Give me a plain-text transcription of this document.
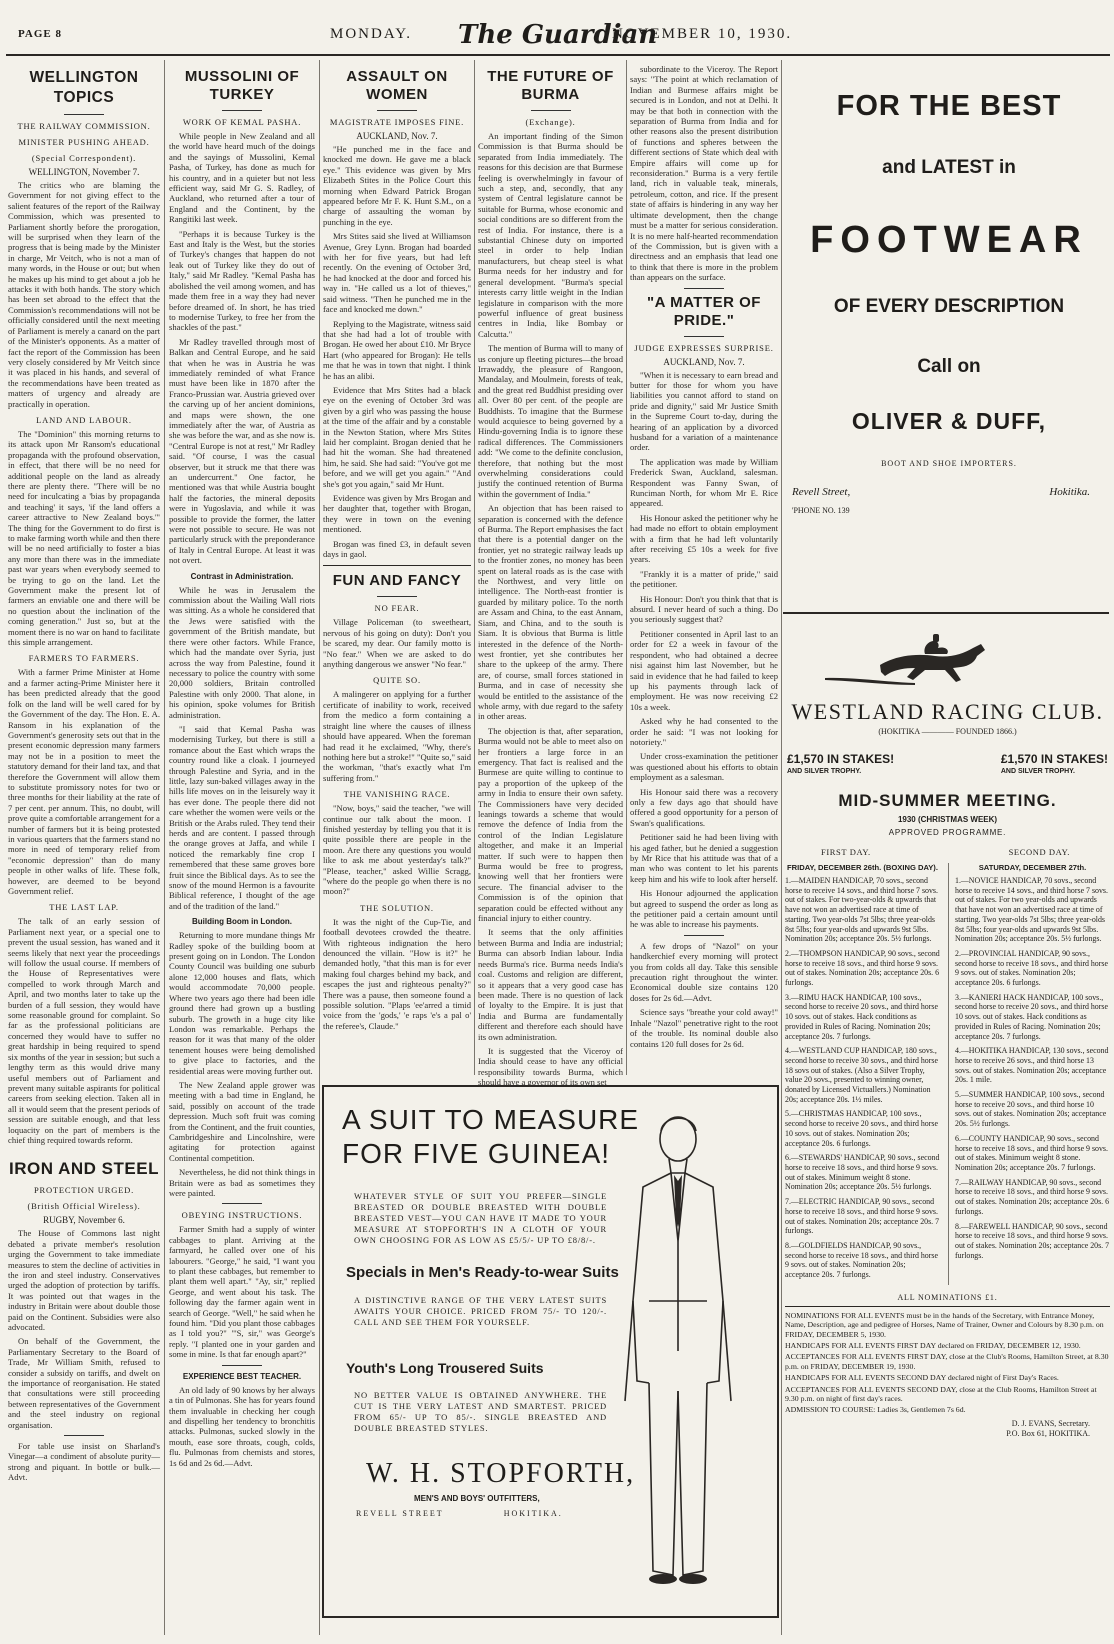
PAGE 8	MONDAY. The Guardian
NOVEMBER 10, 1930.
WELLINGTON TOPICS
THE RAILWAY COMMISSION.
MINISTER PUSHING AHEAD.
(Special Correspondent).
WELLINGTON, November 7.

The critics who are blaming the Government for not giving effect to the salient features of the report of the Railway Commission, which was presented to Parliament shortly before the prorogation, will be surprised when they learn of the progress that is being made by the Minister in charge, Mr Veitch, who is not a man of many words, in the House or out; but when he makes up his mind to get about a job he attacks it with both hands. The story which has been set abroad to the effect that the Commission's recommendations will not be officially considered until the next meeting of Parliament is merely a canard on the part of the Minister's opponents. As a matter of fact the report of the Commission has been very closely considered by Mr Veitch since it was placed in his hands, and several of the recommendations have been treated as matters of urgency and already are practically in operation.

LAND AND LABOUR.

The "Dominion" this morning returns to its attack upon Mr Ransom's educational propaganda with the profound observation, in effect, that there will be no need for additional people on the land as already there are plenty there. "There will be no need for inculcating a 'bias by propaganda and teaching' it says, 'if the land offers a career attractive to New Zealand boys.'" The thing for the Government to do first is to make farming worth while and then there will be no need artificially to foster a bias any more than there was in the immediate past war years when everybody seemed to be trying to go on the land. Let the Government make the present lot of farmers an enviable one and there will be no question about the inclination of the coming generation." Just so, but at the moment there is no war on hand to facilitate this simple arrangement.

FARMERS TO FARMERS.

With a farmer Prime Minister at Home and a farmer acting-Prime Minister here it has been predicted already that the good folk on the land will be well cared for by the Government of the day. The Hon. E. A. Ransom in his explanation of the Government's generosity sets out that in the present economic depression many farmers may not be in a position to meet the statutory demand for their land tax, and that therefore the Government will allow them to substitute promissory notes for two or three months for their liability at the rate of 7 per cent. per annum. This, no doubt, will prove quite a comfortable arrangement for a number of farmers but it is being protested in various quarters that the farmers stand no more in need of temporary relief from "economic depression" than do many people in other walks of life. These folk, however, are deemed to be beyond Government relief.

THE LAST LAP.

The talk of an early session of Parliament next year, or a special one to prevent the usual session, has waned and it seems likely that next year the proceedings will follow the usual course. If members of the House of Representatives were compelled to work through March and April, and two months later to take up the burden of a full session, they would have some reasonable ground for complaint. So far as the professional politicians are concerned they would have to suffer no great hardship in being required to spend six months of the year in session; but such a lengthy term as this would drive many useful members out of Parliament and prevent many suitable aspirants for political careers from seeking election. Taken all in all it would seem that the present periods of session are suitable enough, and that less loquacity on the part of members is the chief thing required towards reform.

IRON AND STEEL
PROTECTION URGED.
(British Official Wireless).
RUGBY, November 6.

The House of Commons last night debated a private member's resolution urging the Government to take immediate measures to stem the decline of activities in the iron and steel industry. Conservatives urged the adoption of protection by tariffs. It was pointed out that wages in the industry in Britain were about double those paid on the Continent. Subsidies were also advocated.

On behalf of the Government, the Parliamentary Secretary to the Board of Trade, Mr William Smith, refused to consider a subsidy on tariffs, and dwelt on the importance of reorganisation. He stated that consultations were still proceeding between representatives of the Government and the steel industry on regional organisation.

For table use insist on Sharland's Vinegar—a condiment of absolute purity—strong and piquant. In bottle or bulk.—Advt.

MUSSOLINI OF TURKEY
WORK OF KEMAL PASHA.

While people in New Zealand and all the world have heard much of the doings and the sayings of Mussolini, Kemal Pasha, of Turkey, has done as much for his country, and in a quieter but not less efficient way, said Mr G. S. Radley, of Auckland, who returned after a tour of England and the Continent, by the Rangitiki last week.

"Perhaps it is because Turkey is the East and Italy is the West, but the stories of Turkey's changes that happen do not leak out of Turkey like they do out of Italy," said Mr Radley. "Kemal Pasha has abolished the veil among women, and has made them free in a way they had never before dreamed of. In short, he has tried to modernise Turkey, to free her from the shackles of the past."

Mr Radley travelled through most of Balkan and Central Europe, and he said that when he was in Austria he was immediately reminded of what France must have been like in 1870 after the Franco-Prussian war. Austria grieved over the carving up of her ancient dominions, and maps were shown, the one immediately after the war, of Austria as she was before the war, and as she now is. "Central Europe is not at rest," Mr Radley said. "Of course, I was the casual observer, but it struck me that there was an undercurrent." One factor, he mentioned was that while Austria bought half the factories, the mineral deposits were in Yugoslavia, and while it was possible to provide the former, the latter were not possible to secure. He was not particularly struck with the preponderance of Italy in Central Europe. At least it was not overt.

Contrast in Administration.

While he was in Jerusalem the commission about the Wailing Wall riots was sitting. As a whole he considered that the Jews were satisfied with the government of the British mandate, but there were other factors. While France, which had the mandate over Syria, just across the way from Palestine, found it necessary to police the country with some 20,000 soldiers, Britain controlled Palestine with only 2000. That alone, in his opinion, spoke volumes for British administration.

"I said that Kemal Pasha was modernising Turkey, but there is still a romance about the East which wraps the country round like a cloak. I journeyed through Palestine and Syria, and in the little, lazy sun-baked villages away in the hills life moves on in the leisurely way it has ever done. The people there did not care whether the women were veils or the British or the Arabs ruled. They tend their herds and are content. I passed through the orange groves at Jaffa, and while I noticed the remarkably fine crop I remembered that these same groves bore fruit since the Biblical days. As to see the snow of the mound Hermon is a favourite Biblical reference, I thought of the age and of the tradition of the land."

Building Boom in London.

Returning to more mundane things Mr Radley spoke of the building boom at present going on in London. The London County Council was building one suburb alone 12,000 houses and flats, which would accommodate 70,000 people. Where two years ago there had been idle ground there had grown up a bustling suburb. The growth in a huge city like London was remarkable. Perhaps the reason for it was that many of the older tenement houses were being demolished to give place to factories, and the residential areas were moving further out.

The New Zealand apple grower was meeting with a bad time in England, he said, possibly on account of the trade depression. Much soft fruit was coming from the Continent, and the fruit counties, Cambridgeshire and Lincolnshire, were agitating for protection against Continental competition.

Nevertheless, he did not think things in Britain were as bad as sometimes they were painted.

OBEYING INSTRUCTIONS.

Farmer Smith had a supply of winter cabbages to plant. Arriving at the farmyard, he called over one of his labourers. "George," he said, "I want you to plant these cabbages, but remember to plant them well apart." "Ay, sir," replied George, and went about his task. The following day the farmer again went in search of George. "Well," he said when he found him. "Did you plant those cabbages as I told you?" "'S, sir," was George's reply. "I planted one in your garden and some in mine. Is that far enough apart?"

EXPERIENCE BEST TEACHER.

An old lady of 90 knows by her always a tin of Pulmonas. She has for years found them invaluable in checking her cough and dispelling her tendency to bronchitis attacks. Pulmonas, sucked slowly in the mouth, ease sore throats, cough, colds, flu. Pulmonas from chemists and stores, 1s 6d and 2s 6d.—Advt.

ASSAULT ON WOMEN
MAGISTRATE IMPOSES FINE.
AUCKLAND, Nov. 7.

"He punched me in the face and knocked me down. He gave me a black eye." This evidence was given by Mrs Elizabeth Stites in the Police Court this morning when Edward Patrick Brogan appeared before Mr F. K. Hunt S.M., on a charge of assaulting the woman by punching in the eye.

Mrs Stites said she lived at Williamson Avenue, Grey Lynn. Brogan had boarded with her for five years, but had left recently. On the evening of October 3rd, he had knocked at the door and forced his way in. "He called us a lot of thieves," said witness. "Then he punched me in the face and knocked me down."

Replying to the Magistrate, witness said that she had had a lot of trouble with Brogan. He owed her about £10. Mr Bryce Hart (who appeared for Brogan): He tells me that he was in town that night. I think he has an alibi.

Evidence that Mrs Stites had a black eye on the evening of October 3rd was given by a girl who was passing the house at the time of the affair and by a constable in the Newton Station, where Mrs Stites laid her complaint. Brogan denied that he had hit the woman. She had threatened him, he said. She had said: "You've got me before, and we will get you again." "And she's got you again," said Mr Hunt.

Evidence was given by Mrs Brogan and her daughter that, together with Brogan, they were in town on the evening mentioned.

Brogan was fined £3, in default seven days in gaol.

FUN AND FANCY
NO FEAR.

Village Policeman (to sweetheart, nervous of his going on duty): Don't you be scared, my dear. Our family motto is "No fear." When we are asked to do anything dangerous we answer "No fear."

QUITE SO.

A malingerer on applying for a further certificate of inability to work, received from the medico a form containing a straight line where the causes of illness should have appeared. When the foreman had read it he exclaimed, "Why, there's nothing here but a stroke!" "Quite so," said the workman, "that's exactly what I'm suffering from."

THE VANISHING RACE.

"Now, boys," said the teacher, "we will continue our talk about the moon. I finished yesterday by telling you that it is quite possible there are people in the moon. Are there any questions you would like to ask me about yesterday's talk?" "Please, teacher," asked Willie Scragg, "where do the people go when there is no moon?"

THE SOLUTION.

It was the night of the Cup-Tie, and football devotees crowded the theatre. With righteous indignation the hero denounced the villain. "How is it?" he demanded hotly, "that this man is for ever making foul charges behind my back, and escapes the just and righteous penalty?" There was a pause, then someone found a possible solution. "Plaps 'ee'arred a timid voice from the 'gods,' 'e raps 'e's a pal o' the referee's, Claude."

THE FUTURE OF BURMA
(Exchange).

An important finding of the Simon Commission is that Burma should be separated from India immediately. The reasons for this decision are that Burmese feeling is overwhelmingly in favour of such a step, and, secondly, that any system of Central legislature cannot be suitable for Burma, whose economic and social conditions are so different from the rest of India. For instance, there is a substantial Chinese duty on imported steel in order to help Indian manufacturers, but cheap steel is what Burma needs for her industry and for general development. "Burma's special interests carry little weight in the Indian legislature in comparison with the more powerful influence of great business centres in India, like Bombay or Calcutta."

The mention of Burma will to many of us conjure up fleeting pictures—the broad Irrawaddy, the pleasure of Rangoon, Mandalay, and Moulmein, forests of teak, and the great red Buddhist presiding over all. Over 80 per cent. of the people are Buddhists. To imagine that the Burmese would acquiesce to being governed by a Hindu-governing India is to ignore these radical differences. The Commissioners add: "We come to the definite conclusion, therefore, that nothing but the most overwhelming considerations could justify the continued retention of Burma within the government of India."

An objection that has been raised to separation is concerned with the defence of Burma. The Report emphasises the fact that there is a potential danger on the frontier, yet no strategic railway leads up to the frontier zones, no money has been spent on lateral roads as is the case with the Northwest, and very little on intelligence. The North-east frontier is guarded by military police. To the north are Assam and China, to the east Annam, Siam, and China, and to the south is Siam. It is obvious that Burma is little interested in the defence of the North-west frontier, yet she contributes her share to the upkeep of the army. There are, of course, small forces stationed in Burma, and in case of necessity she would be entitled to the assistance of the whole army, with due regard to the safety in other areas.

The objection is that, after separation, Burma would not be able to meet also on her frontiers a large force in an emergency. That fact is realised and the Burmese are quite willing to continue to pay a proportion of the upkeep of the army in India to ensure their own safety. The Commissioners have very decided leanings towards a scheme that would remove the defence of India from the control of the Indian Legislature altogether, and make it an Imperial matter. If such were to happen then Burma would be free to progress, knowing well that her frontiers were secure. The financial adviser to the Commission is of the opinion that separation could be effected without any financial injury to either country.

It seems that the only affinities between Burma and India are industrial; Burma can absorb Indian labour. India needs Burma's rice. Burma needs India's coal. Customs and religion are different, so it appears that a very good case has been made. There is no question of lack of loyalty to the Empire. It is just that India and Burma are fundamentally different and therefore each should have its own administration.

It is suggested that the Viceroy of India should cease to have any official responsibility towards Burma, which should have a governor of its own set

subordinate to the Viceroy. The Report says: "The point at which reclamation of Indian and Burmese affairs might be secured is in London, and not at Delhi. It may be that both in connection with the separation of Burma from India and for other reasons also the present distribution of functions and spheres between the different sections of State which deal with Empire affairs will come up for reconsideration." Burma is a very fertile land, rich in valuable teak, minerals, petroleum, cotton, and rice. If the present state of affairs is hindering in any way her ultimate development, then the change must be a matter for serious consideration. It is no mere half-hearted recommendation of the Commission, but is given with a directness and an emphasis that lead one to think that there is more in the problem than appears on the surface.

"A MATTER OF PRIDE."
JUDGE EXPRESSES SURPRISE.
AUCKLAND, Nov. 7.

"When it is necessary to earn bread and butter for those for whom you have liabilities you cannot afford to stand on pride and dignity," said Mr Justice Smith in the Supreme Court to-day, during the hearing of an application by a divorced husband for a variation of a maintenance order.

The application was made by William Frederick Swan, Auckland, salesman. Respondent was Fanny Swan, of Runciman North, for whom Mr E. Rice appeared.

His Honour asked the petitioner why he had made no effort to obtain employment with a firm that he had left voluntarily after receiving £5 10s a week for five years.

"Frankly it is a matter of pride," said the petitioner.

His Honour: Don't you think that that is absurd. I never heard of such a thing. Do you seriously suggest that?

Petitioner consented in April last to an order for £2 a week in favour of the respondent, who had obtained a decree nisi against him last November, but he said in evidence that he had failed to keep up his payments through lack of employment. He was now receiving £2 10s a week.

Asked why he had consented to the order he said: "I was not looking for notoriety."

Under cross-examination the petitioner was questioned about his efforts to obtain employment as a salesman.

His Honour said there was a recovery only a few days ago that should have offered a good opportunity for a person of Swan's qualifications.

Petitioner said he had been living with his aged father, but he denied a suggestion by Mr Rice that his attitude was that of a man who was content to let his parents keep him and his wife to look after herself.

His Honour adjourned the application but agreed to suspend the order as long as the petitioner paid a certain amount until he was able to increase his payments.

A few drops of "Nazol" on your handkerchief every morning will protect you from colds all day. Take this sensible precaution right throughout the winter. Economical double size contains 120 doses for 2s 6d.—Advt.

Science says "breathe your cold away!" Inhale "Nazol" penetrative right to the root of the trouble. Its nominal double also contains 120 full doses for 2s 6d.

FOR THE BEST
and LATEST in
FOOTWEAR
OF EVERY DESCRIPTION
Call on
OLIVER & DUFF,
BOOT AND SHOE IMPORTERS.
Revell Street,	Hokitika.
'PHONE NO. 139
WESTLAND RACING CLUB.
(HOKITIKA ———— FOUNDED 1866.)
£1,570 IN STAKES!
AND SILVER TROPHY.
£1,570 IN STAKES!
AND SILVER TROPHY.
MID-SUMMER MEETING.
1930 (CHRISTMAS WEEK)
APPROVED PROGRAMME.
FIRST DAY.	SECOND DAY.
FRIDAY, DECEMBER 26th. (BOXING DAY).
1.—MAIDEN HANDICAP, 70 sovs., second horse to receive 14 sovs., and third horse 7 sovs. out of stakes. For two-year-olds & upwards that have not won an advertised race at time of starting. Two year-olds 7st 5lbs; three year-olds 8st 5lbs; four year-olds and upwards 9st 5lbs. Nomination 20s; acceptance 20s. 5½ furlongs.
2.—THOMPSON HANDICAP, 90 sovs., second horse to receive 18 sovs., and third horse 9 sovs. out of stakes. Nomination 20s; acceptance 20s. 6 furlongs.
3.—RIMU HACK HANDICAP, 100 sovs., second horse to receive 20 sovs., and third horse 10 sovs. out of stakes. Hack conditions as provided in Rules of Racing. Nomination 20s; acceptance 20s. 7 furlongs.
4.—WESTLAND CUP HANDICAP, 180 sovs., second horse to receive 30 sovs., and third horse 18 sovs out of stakes. (Also a Silver Trophy, value 20 sovs., presented to winning owner, donated by Licensed Victuallers.) Nomination 20s; acceptance 20s. 1½ miles.
5.—CHRISTMAS HANDICAP, 100 sovs., second horse to receive 20 sovs., and third horse 10 sovs. out of stakes. Nomination 20s; acceptance 20s. 6 furlongs.
6.—STEWARDS' HANDICAP, 90 sovs., second horse to receive 18 sovs., and third horse 9 sovs. out of stakes. Minimum weight 8 stone. Nomination 20s; acceptance 20s. 5½ furlongs.
7.—ELECTRIC HANDICAP, 90 sovs., second horse to receive 18 sovs., and third horse 9 sovs. out of stakes. Nomination 20s; acceptance 20s. 7 furlongs.
8.—GOLDFIELDS HANDICAP, 90 sovs., second horse to receive 18 sovs., and third horse 9 sovs. out of stakes. Nomination 20s; acceptance 20s. 7 furlongs.
SATURDAY, DECEMBER 27th.
1.—NOVICE HANDICAP, 70 sovs., second horse to receive 14 sovs., and third horse 7 sovs. out of stakes. For two year-olds and upwards that have not won an advertised race at time of starting. Two year-olds 7st 5lbs; three year-olds 8st 5lbs; four year-olds and upwards 9st 5lbs. Nomination 20s; acceptance 20s. 5½ furlongs.
2.—PROVINCIAL HANDICAP, 90 sovs., second horse to receive 18 sovs., and third horse 9 sovs. out of stakes. Nomination 20s; acceptance 20s. 6 furlongs.
3.—KANIERI HACK HANDICAP, 100 sovs., second horse to receive 20 sovs., and third horse 10 sovs. out of stakes. Hack conditions as provided in Rules of Racing. Nomination 20s; acceptance 20s. 7 furlongs.
4.—HOKITIKA HANDICAP, 130 sovs., second horse to receive 26 sovs., and third horse 13 sovs. out of stakes. Nomination 20s; acceptance 20s. 1 mile.
5.—SUMMER HANDICAP, 100 sovs., second horse to receive 20 sovs., and third horse 10 sovs. out of stakes. Nomination 20s; acceptance 20s. 5½ furlongs.
6.—COUNTY HANDICAP, 90 sovs., second horse to receive 18 sovs., and third horse 9 sovs. out of stakes. Minimum weight 8 stone. Nomination 20s; acceptance 20s. 7 furlongs.
7.—RAILWAY HANDICAP, 90 sovs., second horse to receive 18 sovs., and third horse 9 sovs. out of stakes. Nomination 20s; acceptance 20s. 6 furlongs.
8.—FAREWELL HANDICAP, 90 sovs., second horse to receive 18 sovs., and third horse 9 sovs. out of stakes. Nomination 20s; acceptance 20s. 7 furlongs.
ALL NOMINATIONS £1.

NOMINATIONS FOR ALL EVENTS must be in the hands of the Secretary, with Entrance Money, Name, Description, age and pedigree of Horses, Name of Trainer, Owner and Colours by 8.30 p.m. on FRIDAY, DECEMBER 5, 1930.

HANDICAPS FOR ALL EVENTS FIRST DAY declared on FRIDAY, DECEMBER 12, 1930.

ACCEPTANCES FOR ALL EVENTS FIRST DAY, close at the Club's Rooms, Hamilton Street, at 8.30 p.m. on FRIDAY, DECEMBER 19, 1930.

HANDICAPS FOR ALL EVENTS SECOND DAY declared night of First Day's Races.

ACCEPTANCES FOR ALL EVENTS SECOND DAY, close at the Club Rooms, Hamilton Street at 9.30 p.m. on night of first day's races.

ADMISSION TO COURSE: Ladies 3s, Gentlemen 7s 6d.

D. J. EVANS, Secretary.
P.O. Box 61, HOKITIKA.
A SUIT TO MEASURE
FOR FIVE GUINEA!
WHATEVER STYLE OF SUIT YOU PREFER—SINGLE BREASTED OR DOUBLE BREASTED WITH DOUBLE BREASTED VEST—YOU CAN HAVE IT MADE TO YOUR MEASURE AT STOPFORTH'S IN A CLOTH OF YOUR OWN CHOOSING FOR AS LOW AS £5/5/- UP TO £8/8/-.
Specials in Men's Ready-to-wear Suits
A DISTINCTIVE RANGE OF THE VERY LATEST SUITS AWAITS YOUR CHOICE. PRICED FROM 75/- TO 120/-. CALL AND SEE THEM FOR YOURSELF.
Youth's Long Trousered Suits
NO BETTER VALUE IS OBTAINED ANYWHERE. THE CUT IS THE VERY LATEST AND SMARTEST. PRICED FROM 65/- UP TO 85/-. SINGLE BREASTED AND DOUBLE BREASTED STYLES.
W. H. STOPFORTH,
MEN'S AND BOYS' OUTFITTERS,
REVELL STREET	HOKITIKA.
